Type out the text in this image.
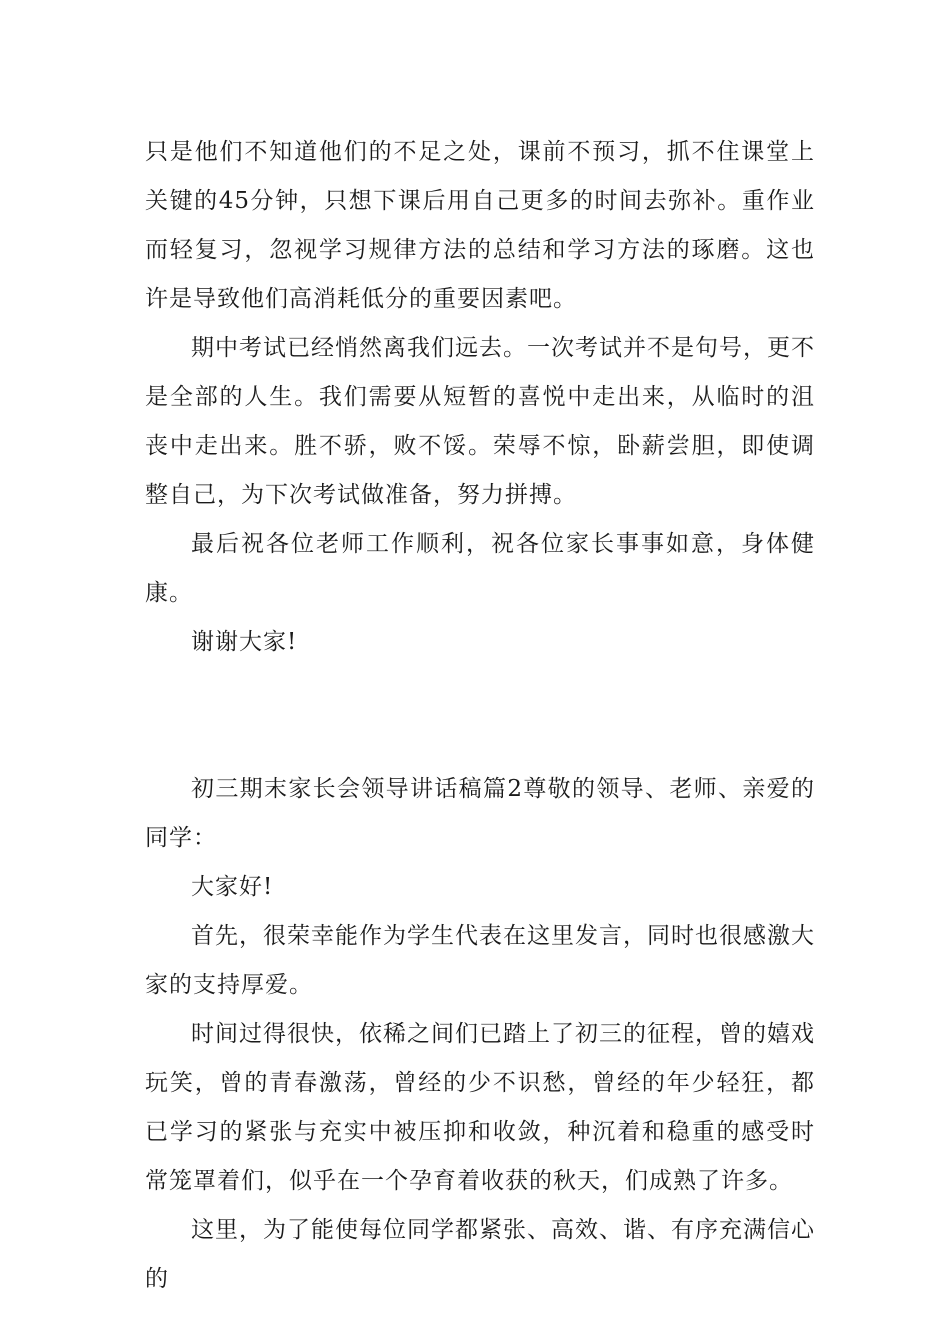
只是他们不知道他们的不足之处，课前不预习，抓不住课堂上关键的45分钟，只想下课后用自己更多的时间去弥补。重作业而轻复习，忽视学习规律方法的总结和学习方法的琢磨。这也许是导致他们高消耗低分的重要因素吧。

期中考试已经悄然离我们远去。一次考试并不是句号，更不是全部的人生。我们需要从短暂的喜悦中走出来，从临时的沮丧中走出来。胜不骄，败不馁。荣辱不惊，卧薪尝胆，即使调整自己，为下次考试做准备，努力拼搏。

最后祝各位老师工作顺利，祝各位家长事事如意，身体健康。

谢谢大家!

初三期末家长会领导讲话稿篇2尊敬的领导、老师、亲爱的同学：

大家好!

首先，很荣幸能作为学生代表在这里发言，同时也很感激大家的支持厚爱。

时间过得很快，依稀之间们已踏上了初三的征程，曾的嬉戏玩笑，曾的青春激荡，曾经的少不识愁，曾经的年少轻狂，都已学习的紧张与充实中被压抑和收敛，种沉着和稳重的感受时常笼罩着们，似乎在一个孕育着收获的秋天，们成熟了许多。

这里，为了能使每位同学都紧张、高效、谐、有序充满信心的
